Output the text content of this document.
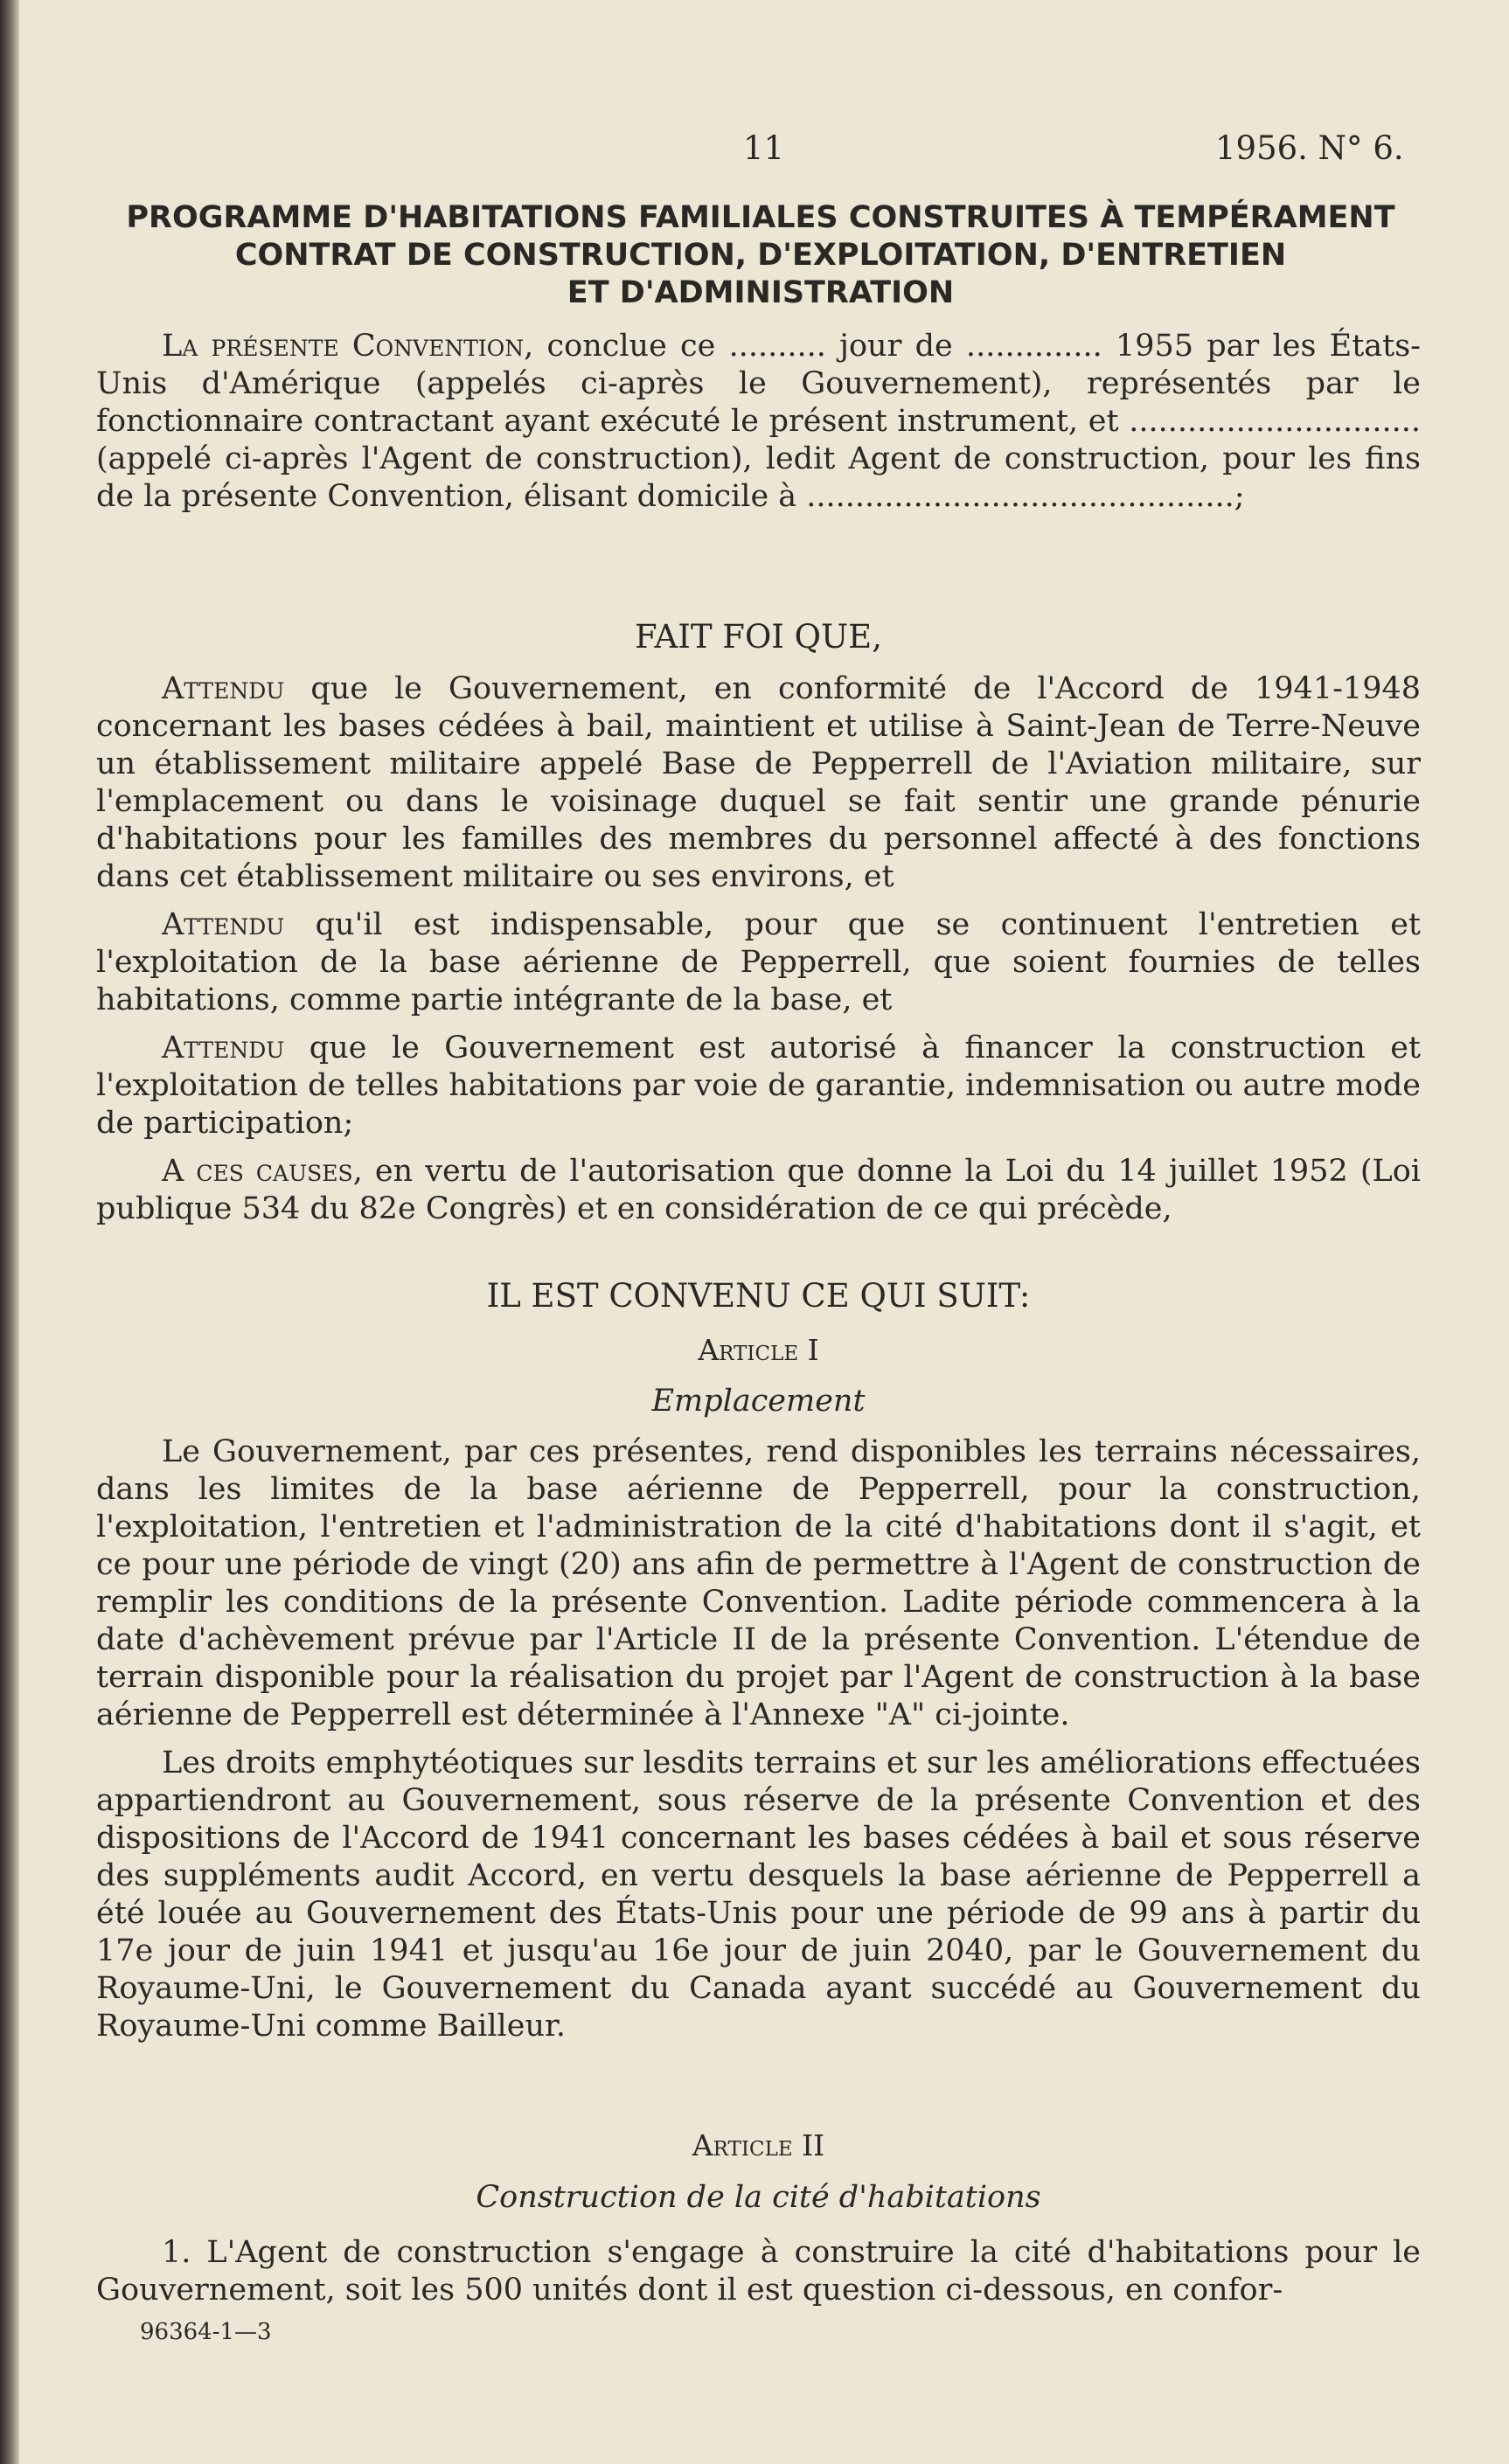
11	1956. N° 6.
PROGRAMME D'HABITATIONS FAMILIALES CONSTRUITES À TEMPÉRAMENT
CONTRAT DE CONSTRUCTION, D'EXPLOITATION, D'ENTRETIEN
ET D'ADMINISTRATION

La présente Convention, conclue ce .......... jour de .............. 1955 par les États-Unis d'Amérique (appelés ci-après le Gouvernement), représentés par le fonctionnaire contractant ayant exécuté le présent instrument, et .............................. (appelé ci-après l'Agent de construction), ledit Agent de construction, pour les fins de la présente Convention, élisant domicile à ............................................;

FAIT FOI QUE,

Attendu que le Gouvernement, en conformité de l'Accord de 1941-1948 concernant les bases cédées à bail, maintient et utilise à Saint-Jean de Terre-Neuve un établissement militaire appelé Base de Pepperrell de l'Aviation militaire, sur l'emplacement ou dans le voisinage duquel se fait sentir une grande pénurie d'habitations pour les familles des membres du personnel affecté à des fonctions dans cet établissement militaire ou ses environs, et

Attendu qu'il est indispensable, pour que se continuent l'entretien et l'exploitation de la base aérienne de Pepperrell, que soient fournies de telles habitations, comme partie intégrante de la base, et

Attendu que le Gouvernement est autorisé à financer la construction et l'exploitation de telles habitations par voie de garantie, indemnisation ou autre mode de participation;

A ces causes, en vertu de l'autorisation que donne la Loi du 14 juillet 1952 (Loi publique 534 du 82e Congrès) et en considération de ce qui précède,

IL EST CONVENU CE QUI SUIT:
Article I
Emplacement

Le Gouvernement, par ces présentes, rend disponibles les terrains nécessaires, dans les limites de la base aérienne de Pepperrell, pour la construction, l'exploitation, l'entretien et l'administration de la cité d'habitations dont il s'agit, et ce pour une période de vingt (20) ans afin de permettre à l'Agent de construction de remplir les conditions de la présente Convention. Ladite période commencera à la date d'achèvement prévue par l'Article II de la présente Convention. L'étendue de terrain disponible pour la réalisation du projet par l'Agent de construction à la base aérienne de Pepperrell est déterminée à l'Annexe "A" ci-jointe.

Les droits emphytéotiques sur lesdits terrains et sur les améliorations effectuées appartiendront au Gouvernement, sous réserve de la présente Convention et des dispositions de l'Accord de 1941 concernant les bases cédées à bail et sous réserve des suppléments audit Accord, en vertu desquels la base aérienne de Pepperrell a été louée au Gouvernement des États-Unis pour une période de 99 ans à partir du 17e jour de juin 1941 et jusqu'au 16e jour de juin 2040, par le Gouvernement du Royaume-Uni, le Gouvernement du Canada ayant succédé au Gouvernement du Royaume-Uni comme Bailleur.

Article II
Construction de la cité d'habitations

1. L'Agent de construction s'engage à construire la cité d'habitations pour le Gouvernement, soit les 500 unités dont il est question ci-dessous, en confor-

96364-1—3
